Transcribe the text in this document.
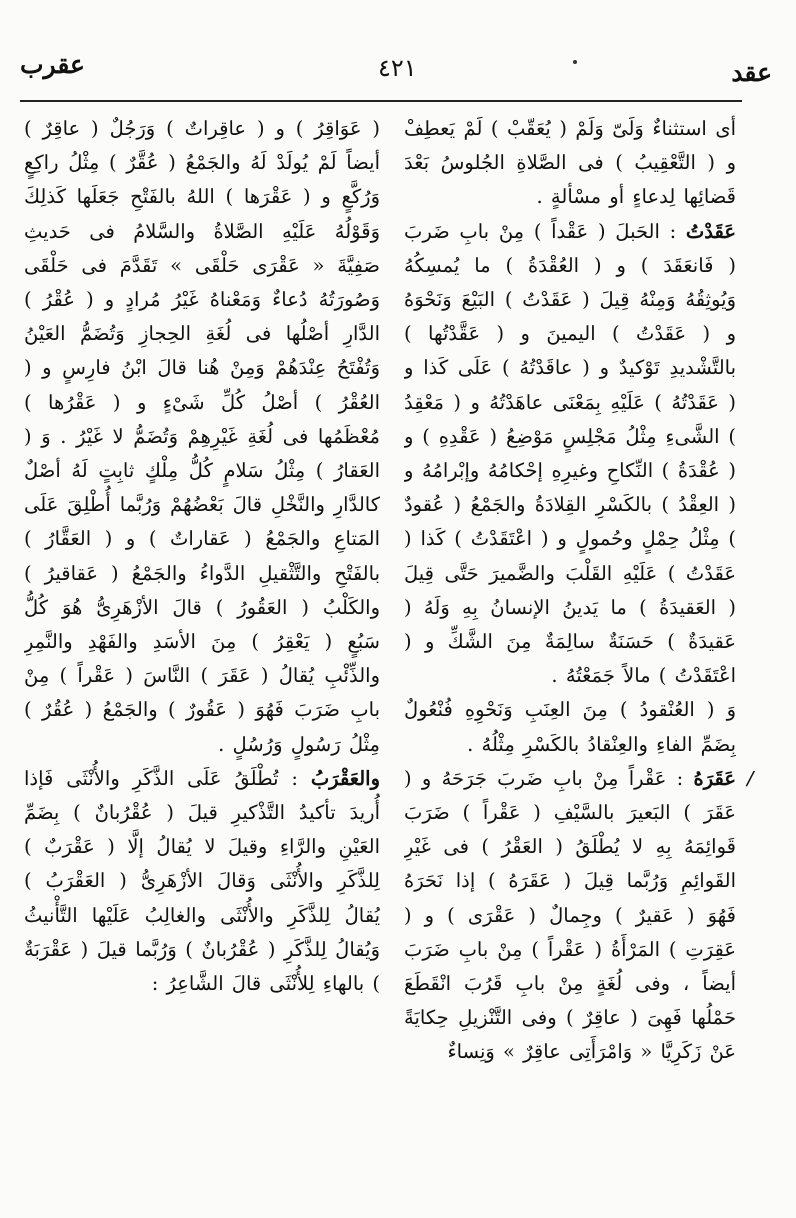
عقد
٤٢١
عقرب

أى استثناءٌ وَلَىّ وَلَمْ ( يُعَقّبْ ) لَمْ يَعطِفْ و ( التَّعْقِيبُ ) فى الصَّلاةِ الجُلوسُ بَعْدَ قَضائِها لِدعاءٍ أو مسْألةٍ .

عَقَدْتُ : الحَبلَ ( عَقْداً ) مِنْ بابِ ضَربَ ( فَانعَقَدَ ) و ( العُقْدَةُ ) ما يُمسِكُهُ وَيُوثِقُهُ وَمِنْهُ قِيلَ ( عَقَدْتُ ) البَيْعَ وَنَحْوَهُ و ( عَقَدْتُ ) اليمينَ و ( عَقَّدْتُها ) بالتَّشْديدِ تَوْكيدٌ و ( عاقَدْتُهُ ) عَلَى كَذا و ( عَقَدْتُهُ ) عَلَيْهِ بِمَعْنَى عاهَدْتُهُ و ( مَعْقِدُ ) الشَّىءِ مِثْلُ مَجْلِسٍ مَوْضِعُ ( عَقْدِهِ ) و ( عُقْدَةُ ) النِّكاحِ وغيرِهِ إحْكامُهُ وإبْرامُهُ و ( العِقْدُ ) بالكَسْرِ القِلادَةُ والجَمْعُ ( عُقودٌ ) مِثْلُ حِمْلٍ وحُمولٍ و ( اعْتَقَدْتُ ) كَذا ( عَقَدْتُ ) عَلَيْهِ القَلْبَ والضَّميرَ حَتَّى قِيلَ ( العَقيدَةُ ) ما يَدينُ الإنسانُ بِهِ وَلَهُ ( عَقيدَةٌ ) حَسَنَةٌ سالِمَةٌ مِنَ الشَّكِّ و ( اعْتَقَدْتُ ) مالاً جَمَعْتُهُ .

وَ ( العُنْقودُ ) مِنَ العِنَبِ وَنَحْوِهِ فُنْعُولٌ بِضَمِّ الفاءِ والعِنْقادُ بالكَسْرِ مِثْلُهُ .

عَقَرَهُ : عَقْراً مِنْ بابِ ضَربَ جَرَحَهُ و ( عَقَرَ ) البَعيرَ بالسَّيْفِ ( عَقْراً ) ضَرَبَ قَوائِمَهُ بِهِ لا يُطْلَقُ ( العَقْرُ ) فى غَيْرِ القَوائِمِ وَرُبَّما قِيلَ ( عَقَرَهُ ) إذا نَحَرَهُ فَهُوَ ( عَقيرٌ ) وجِمالٌ ( عَقْرَى ) و ( عَقِرَتِ ) المَرْأَةُ ( عَقْراً ) مِنْ بابِ ضَرَبَ أيضاً ، وفى لُغَةٍ مِنْ بابِ قَرُبَ انْقَطَعَ حَمْلُها فَهِىَ ( عاقِرٌ ) وفى التَّنْزيلِ حِكايَةً عَنْ زَكَرِيَّا « وَامْرَأَتِى عاقِرٌ » وَنِساءٌ

( عَوَاقِرُ ) و ( عاقِراتٌ ) وَرَجُلٌ ( عاقِرٌ ) أيضاً لَمْ يُولَدْ لَهُ والجَمْعُ ( عُقَّرٌ ) مِثْلُ راكِعٍ وَرُكَّعٍ و ( عَقْرَها ) اللهُ بالفَتْحِ جَعَلَها كَذلِكَ وَقَوْلُهُ عَلَيْهِ الصَّلاةُ والسَّلامُ فى حَديثِ صَفِيَّةَ « عَقْرَى حَلْقَى » تَقَدَّمَ فى حَلْقَى وَصُورَتُهُ دُعاءٌ وَمَعْناهُ غَيْرُ مُرادٍ و ( عُقْرُ ) الدَّارِ أصْلُها فى لُغَةِ الحِجازِ وَتُضَمُّ العَيْنُ وَتُفْتَحُ عِنْدَهُمْ وَمِنْ هُنا قالَ ابْنُ فارِسٍ و ( العُقْرُ ) أصْلُ كُلِّ شَىْءٍ و ( عَقْرُها ) مُعْظَمُها فى لُغَةِ غَيْرِهِمْ وَتُضَمُّ لا غَيْرُ . وَ ( العَقارُ ) مِثْلُ سَلامٍ كُلُّ مِلْكٍ ثابِتٍ لَهُ أصْلٌ كالدَّارِ والنَّخْلِ قالَ بَعْضُهُمْ وَرُبَّما أُطْلِقَ عَلَى المَتاعِ والجَمْعُ ( عَقاراتٌ ) و ( العَقَّارُ ) بالفَتْحِ والتَّثْقيلِ الدَّواءُ والجَمْعُ ( عَقاقيرُ ) والكَلْبُ ( العَقُورُ ) قالَ الأزْهَرِىُّ هُوَ كُلُّ سَبُعٍ ( يَعْقِرُ ) مِنَ الأسَدِ والفَهْدِ والنَّمِرِ والذِّئْبِ يُقالُ ( عَقَرَ ) النَّاسَ ( عَقْراً ) مِنْ بابِ ضَرَبَ فَهُوَ ( عَقُورٌ ) والجَمْعُ ( عُقُرٌ ) مِثْلُ رَسُولٍ وَرُسُلٍ .

والعَقْرَبُ : تُطْلَقُ عَلَى الذَّكَرِ والأُنْثَى فَإذا أُريدَ تأكيدُ التَّذْكيرِ قيلَ ( عُقْرُبانٌ ) بِضَمِّ العَيْنِ والرَّاءِ وقيلَ لا يُقالُ إلَّا ( عَقْرَبٌ ) لِلذَّكَرِ والأُنْثَى وَقالَ الأزْهَرِىُّ ( العَقْرَبُ ) يُقالُ لِلذَّكَرِ والأُنْثَى والغالِبُ عَلَيْها التَّأْنيثُ وَيُقالُ لِلذَّكَرِ ( عُقْرُبانٌ ) وَرُبَّما قيلَ ( عَقْرَبَةٌ ) بالهاءِ لِلأُنْثَى قالَ الشَّاعِرُ :

/
